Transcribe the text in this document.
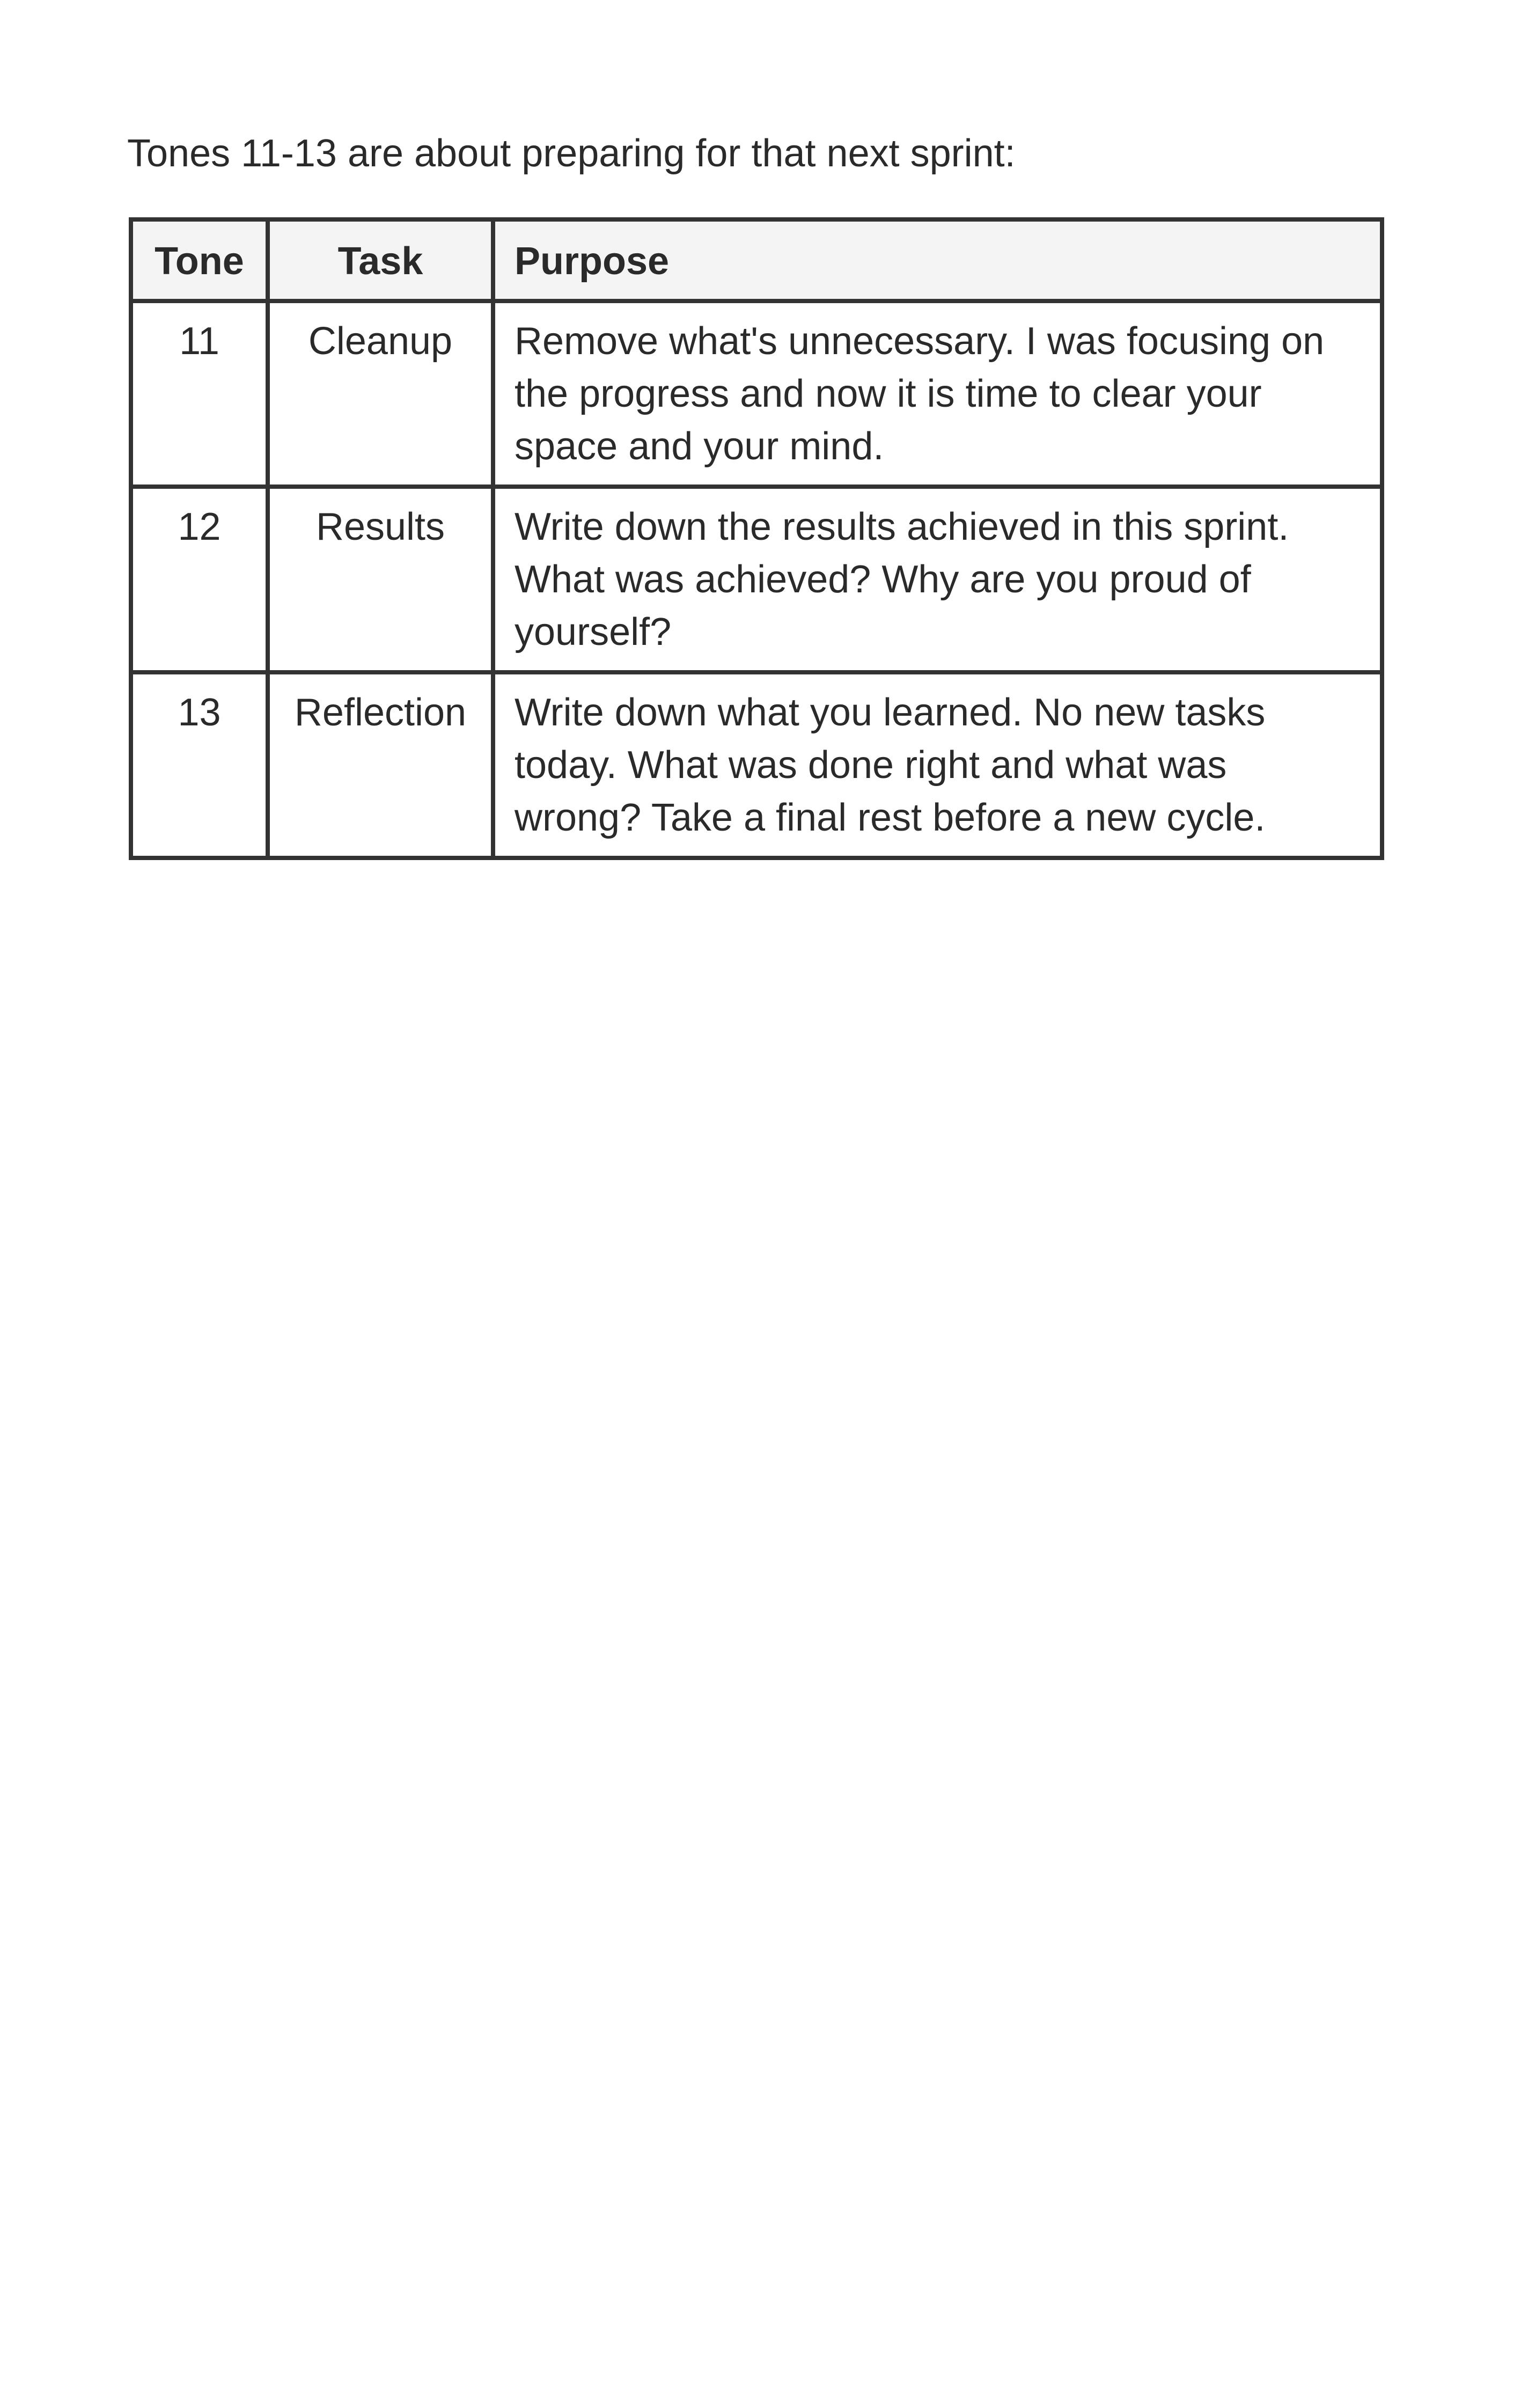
Tones 11-13 are about preparing for that next sprint:

Tone	Task	Purpose
11	Cleanup	Remove what's unnecessary. I was focusing on the progress and now it is time to clear your space and your mind.
12	Results	Write down the results achieved in this sprint. What was achieved? Why are you proud of yourself?
13	Reflection	Write down what you learned. No new tasks today. What was done right and what was wrong? Take a final rest before a new cycle.
